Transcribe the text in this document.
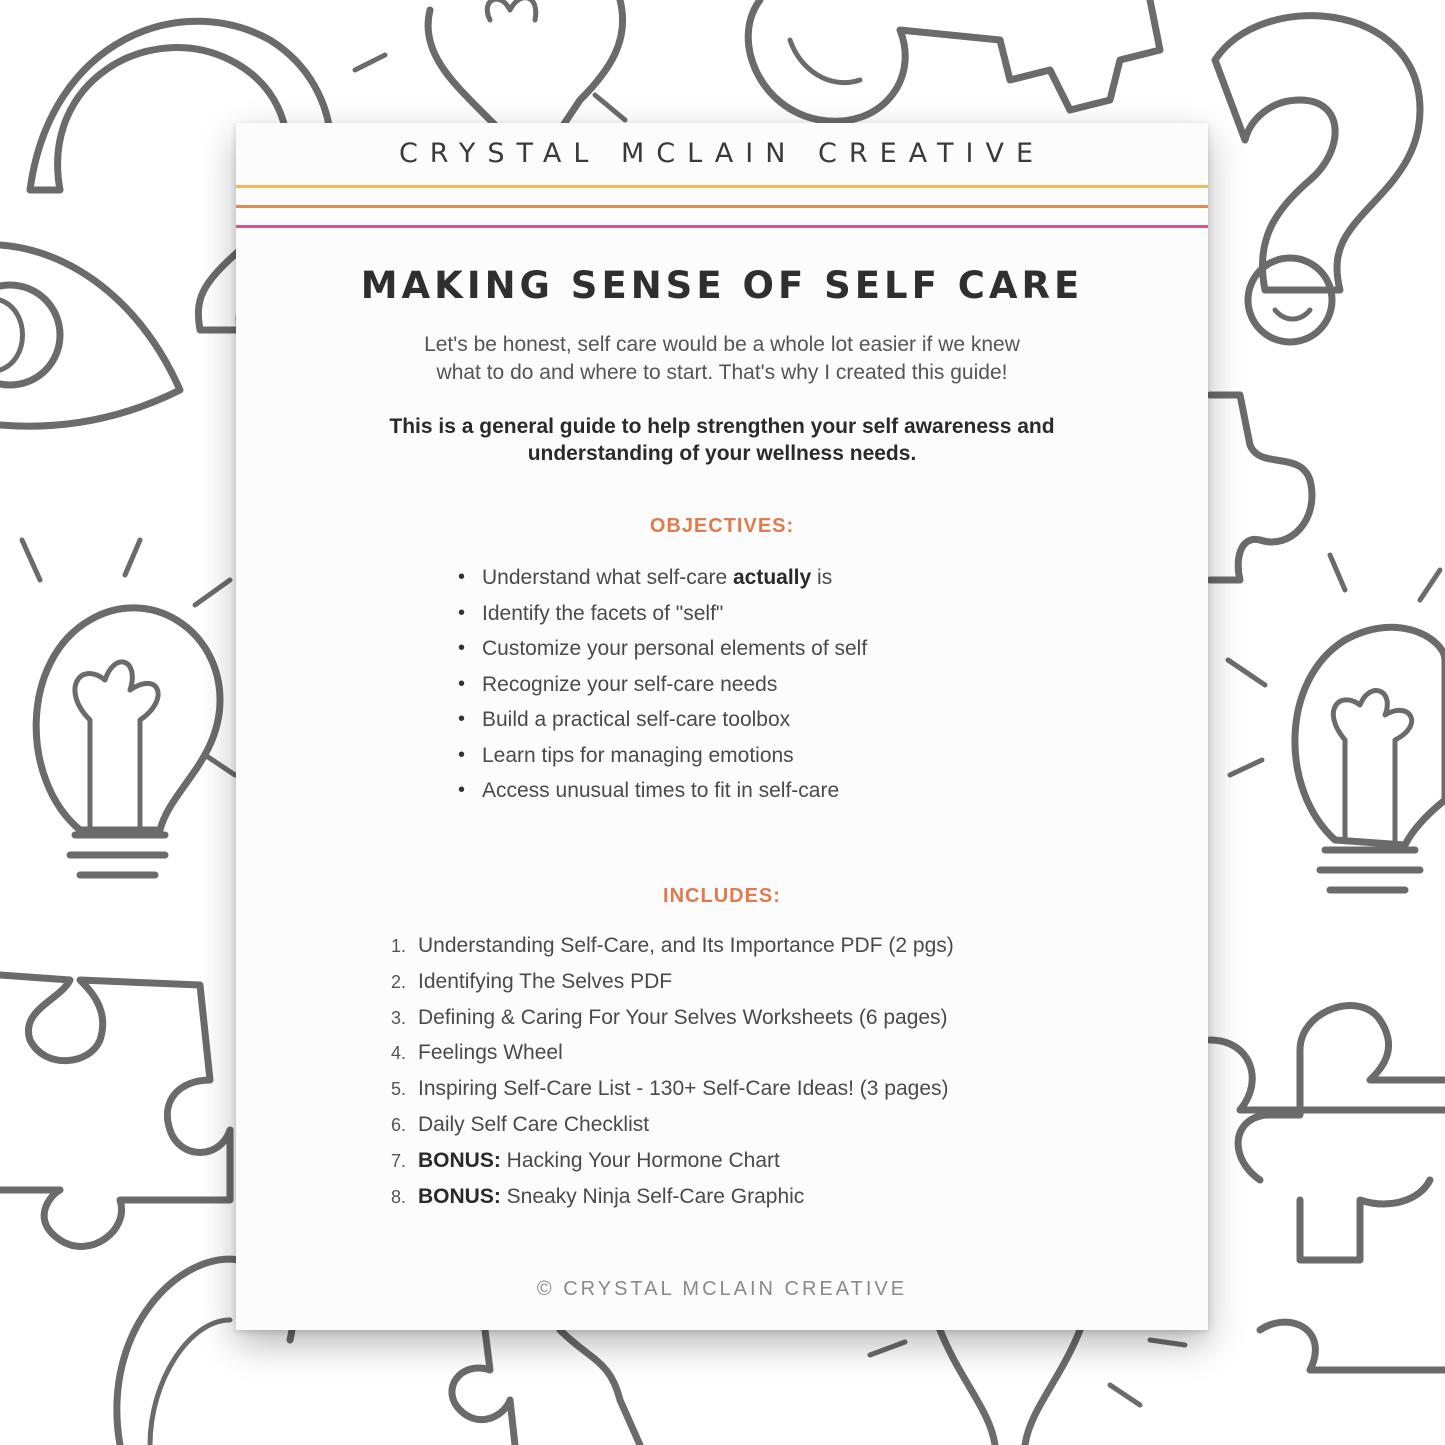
CRYSTAL MCLAIN CREATIVE
MAKING SENSE OF SELF CARE
Let's be honest, self care would be a whole lot easier if we knew
what to do and where to start. That's why I created this guide!
This is a general guide to help strengthen your self awareness and
understanding of your wellness needs.
OBJECTIVES:
• Understand what self-care actually is
• Identify the facets of "self"
• Customize your personal elements of self
• Recognize your self-care needs
• Build a practical self-care toolbox
• Learn tips for managing emotions
• Access unusual times to fit in self-care
INCLUDES:
1. Understanding Self-Care, and Its Importance PDF (2 pgs)
2. Identifying The Selves PDF
3. Defining & Caring For Your Selves Worksheets (6 pages)
4. Feelings Wheel
5. Inspiring Self-Care List - 130+ Self-Care Ideas! (3 pages)
6. Daily Self Care Checklist
7. BONUS: Hacking Your Hormone Chart
8. BONUS: Sneaky Ninja Self-Care Graphic
© CRYSTAL MCLAIN CREATIVE
